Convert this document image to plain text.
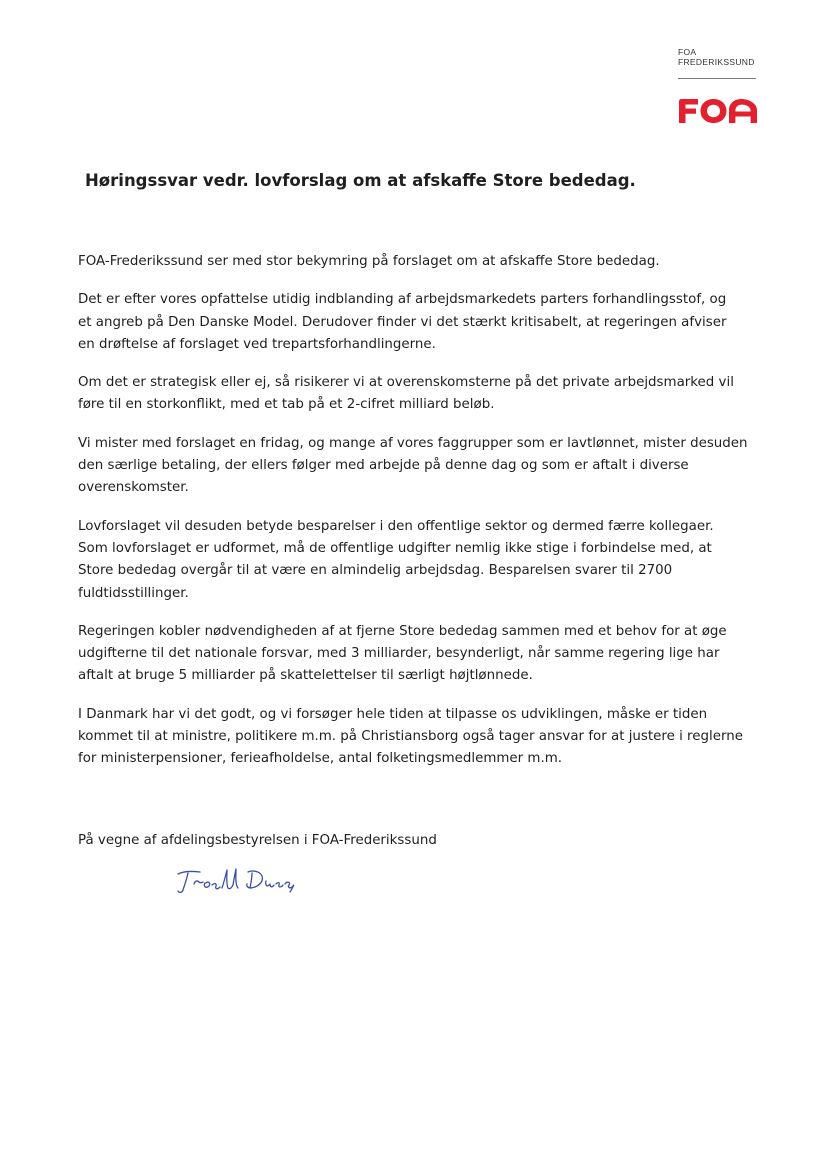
FOA
FREDERIKSSUND
Høringssvar vedr. lovforslag om at afskaffe Store bededag.
FOA-Frederikssund ser med stor bekymring på forslaget om at afskaffe Store bededag.
Det er efter vores opfattelse utidig indblanding af arbejdsmarkedets parters forhandlingsstof, og
et angreb på Den Danske Model. Derudover finder vi det stærkt kritisabelt, at regeringen afviser
en drøftelse af forslaget ved trepartsforhandlingerne.
Om det er strategisk eller ej, så risikerer vi at overenskomsterne på det private arbejdsmarked vil
føre til en storkonflikt, med et tab på et 2-cifret milliard beløb.
Vi mister med forslaget en fridag, og mange af vores faggrupper som er lavtlønnet, mister desuden
den særlige betaling, der ellers følger med arbejde på denne dag og som er aftalt i diverse
overenskomster.
Lovforslaget vil desuden betyde besparelser i den offentlige sektor og dermed færre kollegaer.
Som lovforslaget er udformet, må de offentlige udgifter nemlig ikke stige i forbindelse med, at
Store bededag overgår til at være en almindelig arbejdsdag. Besparelsen svarer til 2700
fuldtidsstillinger.
Regeringen kobler nødvendigheden af at fjerne Store bededag sammen med et behov for at øge
udgifterne til det nationale forsvar, med 3 milliarder, besynderligt, når samme regering lige har
aftalt at bruge 5 milliarder på skattelettelser til særligt højtlønnede.
I Danmark har vi det godt, og vi forsøger hele tiden at tilpasse os udviklingen, måske er tiden
kommet til at ministre, politikere m.m. på Christiansborg også tager ansvar for at justere i reglerne
for ministerpensioner, ferieafholdelse, antal folketingsmedlemmer m.m.
På vegne af afdelingsbestyrelsen i FOA-Frederikssund
